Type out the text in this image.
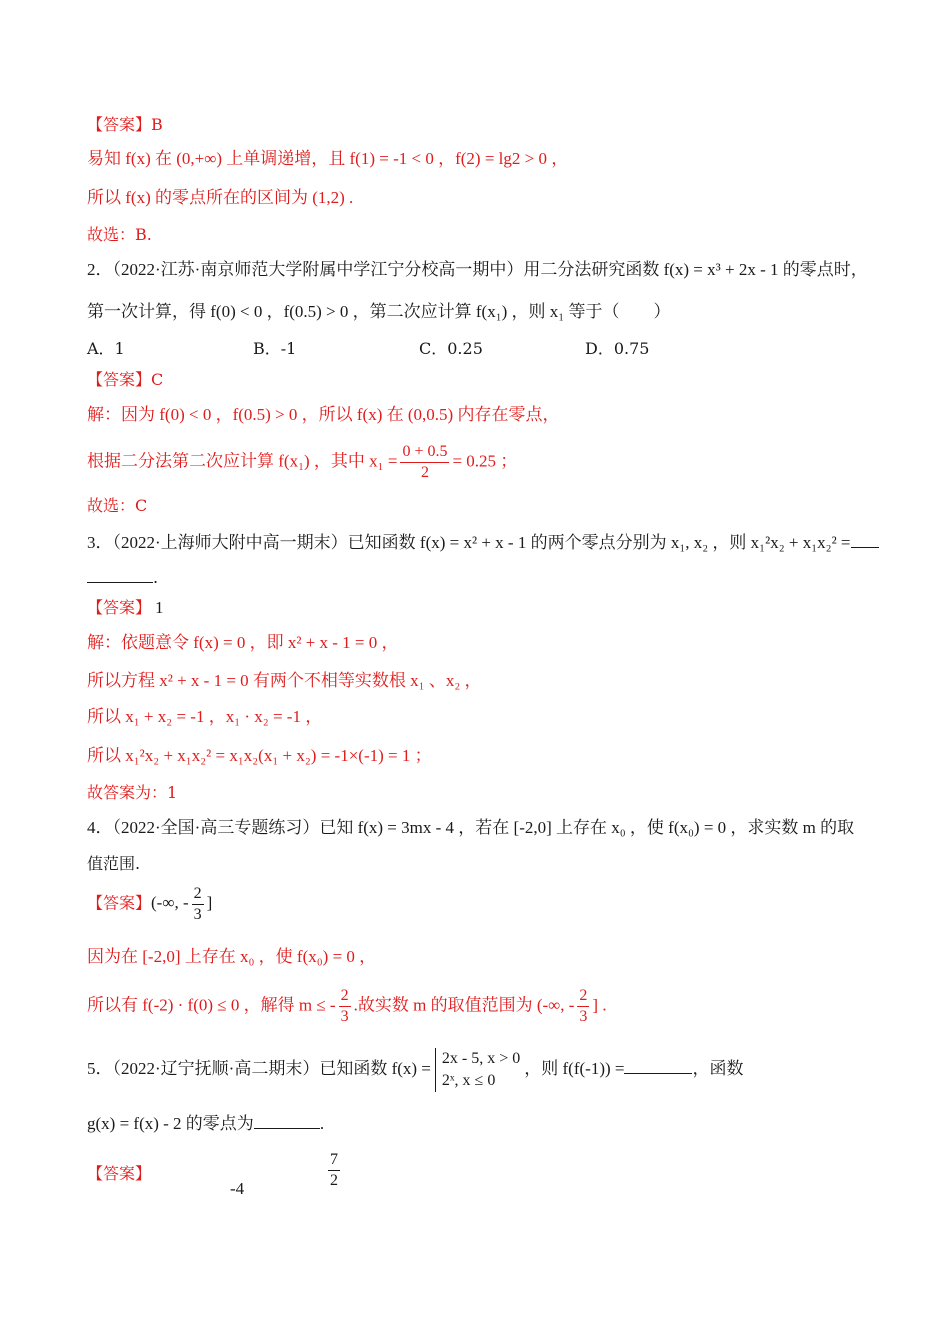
【答案】B
易知 f(x) 在 (0,+∞) 上单调递增，且 f(1) = -1 < 0 ，f(2) = lg2 > 0 ，
所以 f(x) 的零点所在的区间为 (1,2) .
故选：B.
2．（2022·江苏·南京师范大学附属中学江宁分校高一期中）用二分法研究函数 f(x) = x³ + 2x - 1 的零点时，
第一次计算，得 f(0) < 0 ，f(0.5) > 0 ，第二次应计算 f(x₁) ，则 x₁ 等于（　　）
A．1	B．-1	C．0.25	D．0.75
【答案】C
解：因为 f(0) < 0 ，f(0.5) > 0 ，所以 f(x) 在 (0,0.5) 内存在零点，
根据二分法第二次应计算 f(x₁) ，其中 $x_1 = \frac{0 + 0.5}{2} = 0.25$ ；
故选：C
3．（2022·上海师大附中高一期末）已知函数 f(x) = x² + x - 1 的两个零点分别为 x₁, x₂ ，则 x₁²x₂ + x₁x₂² =
.
【答案】 1
解：依题意令 f(x) = 0 ，即 x² + x - 1 = 0 ，
所以方程 x² + x - 1 = 0 有两个不相等实数根 x₁ 、x₂ ，
所以 x₁ + x₂ = -1 ，x₁ · x₂ = -1 ，
所以 x₁²x₂ + x₁x₂² = x₁x₂(x₁ + x₂) = -1×(-1) = 1 ；
故答案为：1
4．（2022·全国·高三专题练习）已知 f(x) = 3mx - 4 ，若在 [-2,0] 上存在 x₀ ，使 f(x₀) = 0 ，求实数 m 的取
值范围.
【答案】(-∞, - $\frac{2}{3}$ ]
因为在 [-2,0] 上存在 x₀ ，使 f(x₀) = 0 ，
所以有 f(-2) · f(0) ≤ 0 ，解得 m ≤ - $\frac{2}{3}$ .故实数 m 的取值范围为 (-∞, - $\frac{2}{3}$ ] .
5．（2022·辽宁抚顺·高二期末）已知函数 f(x) =
2x - 5, x > 0
2ˣ, x ≤ 0
，则 f(f(-1)) =	，函数
g(x) = f(x) - 2 的零点为	.
【答案】
-4	$\frac{7}{2}$
